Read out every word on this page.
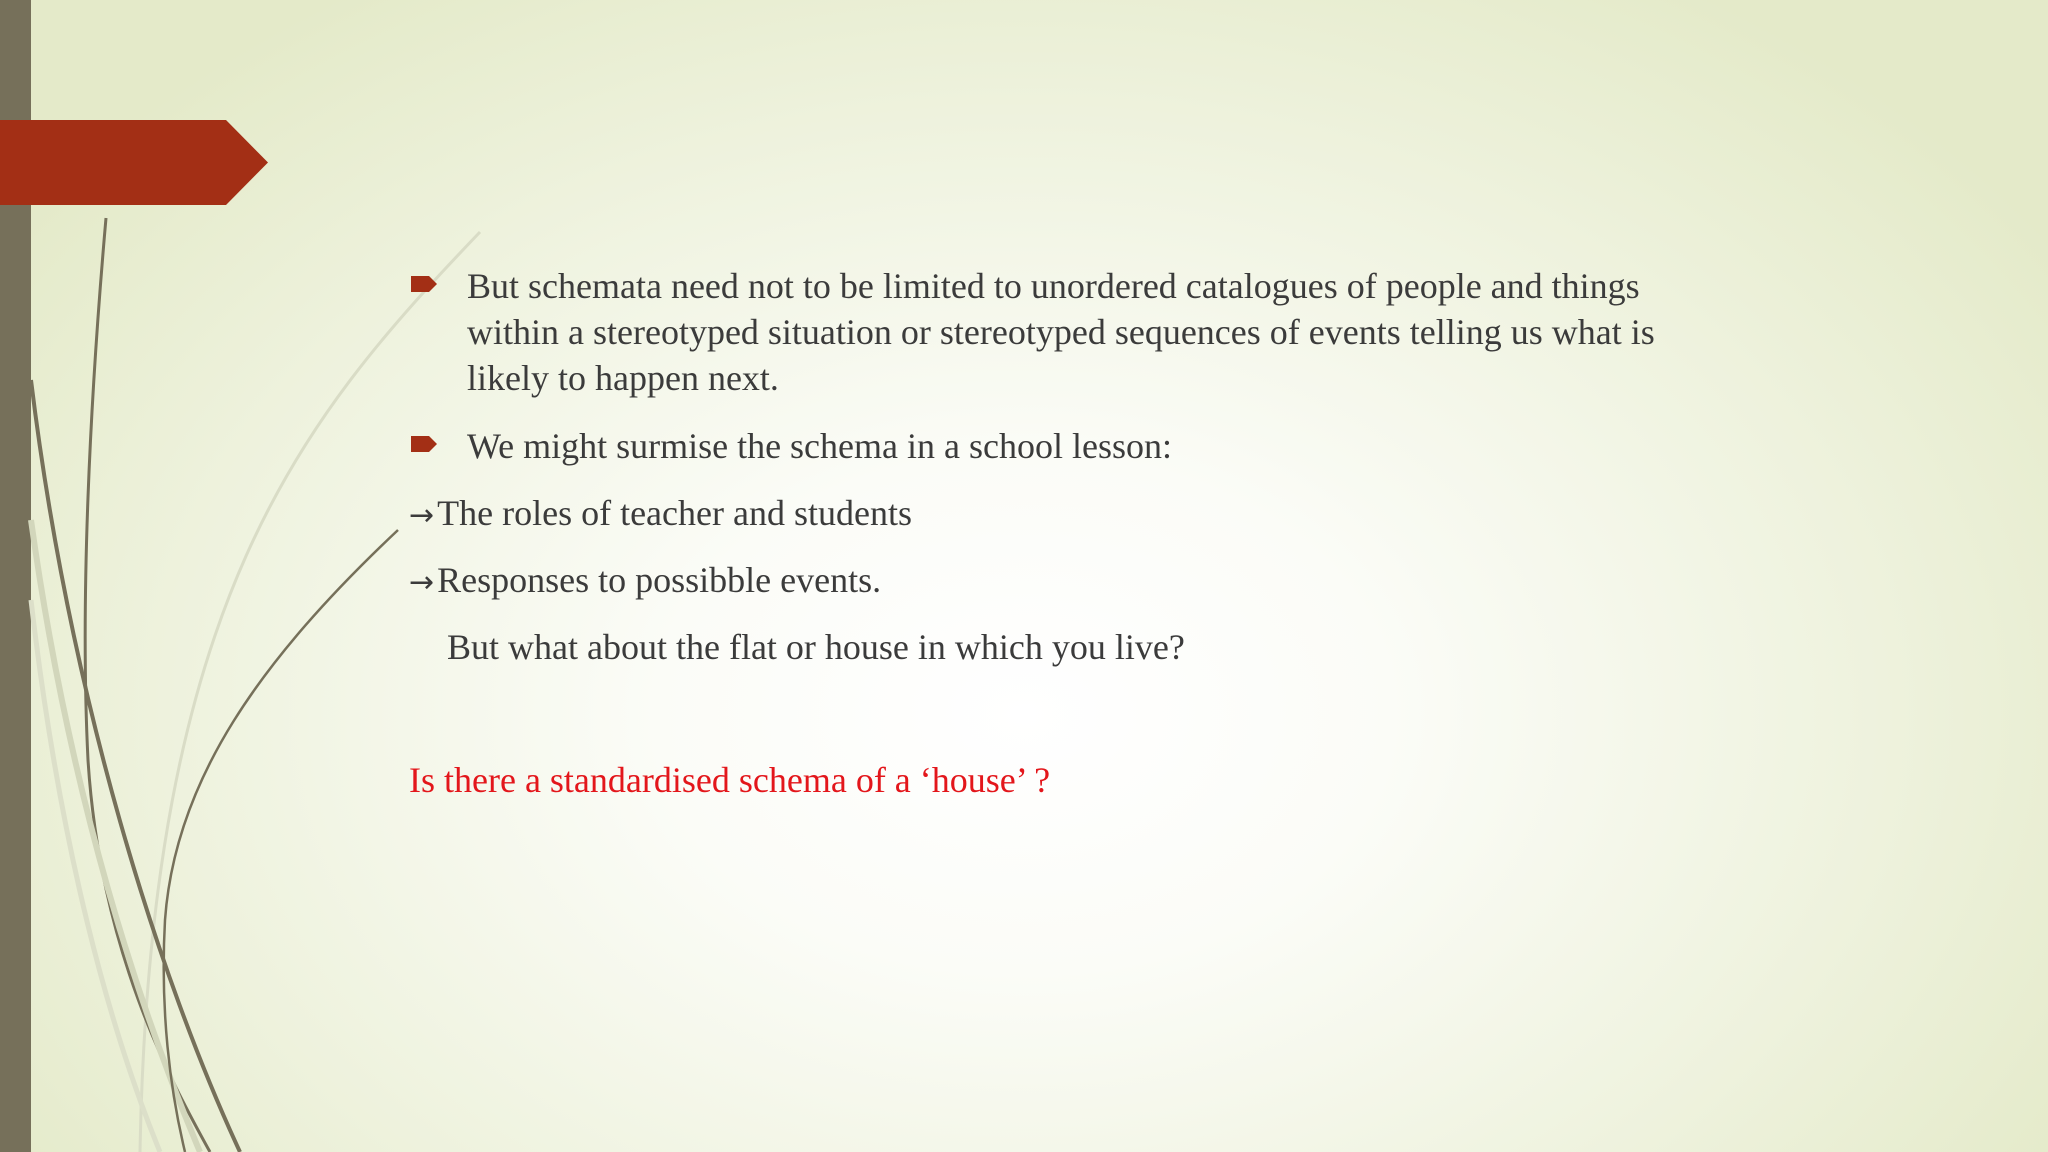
But schemata need not to be limited to unordered catalogues of people and things
within a stereotyped situation or stereotyped sequences of events telling us what is
likely to happen next.

We might surmise the schema in a school lesson:

→The roles of teacher and students

→Responses to possibble events.

But what about the flat or house in which you live?

Is there a standardised schema of a ‘house’ ?
